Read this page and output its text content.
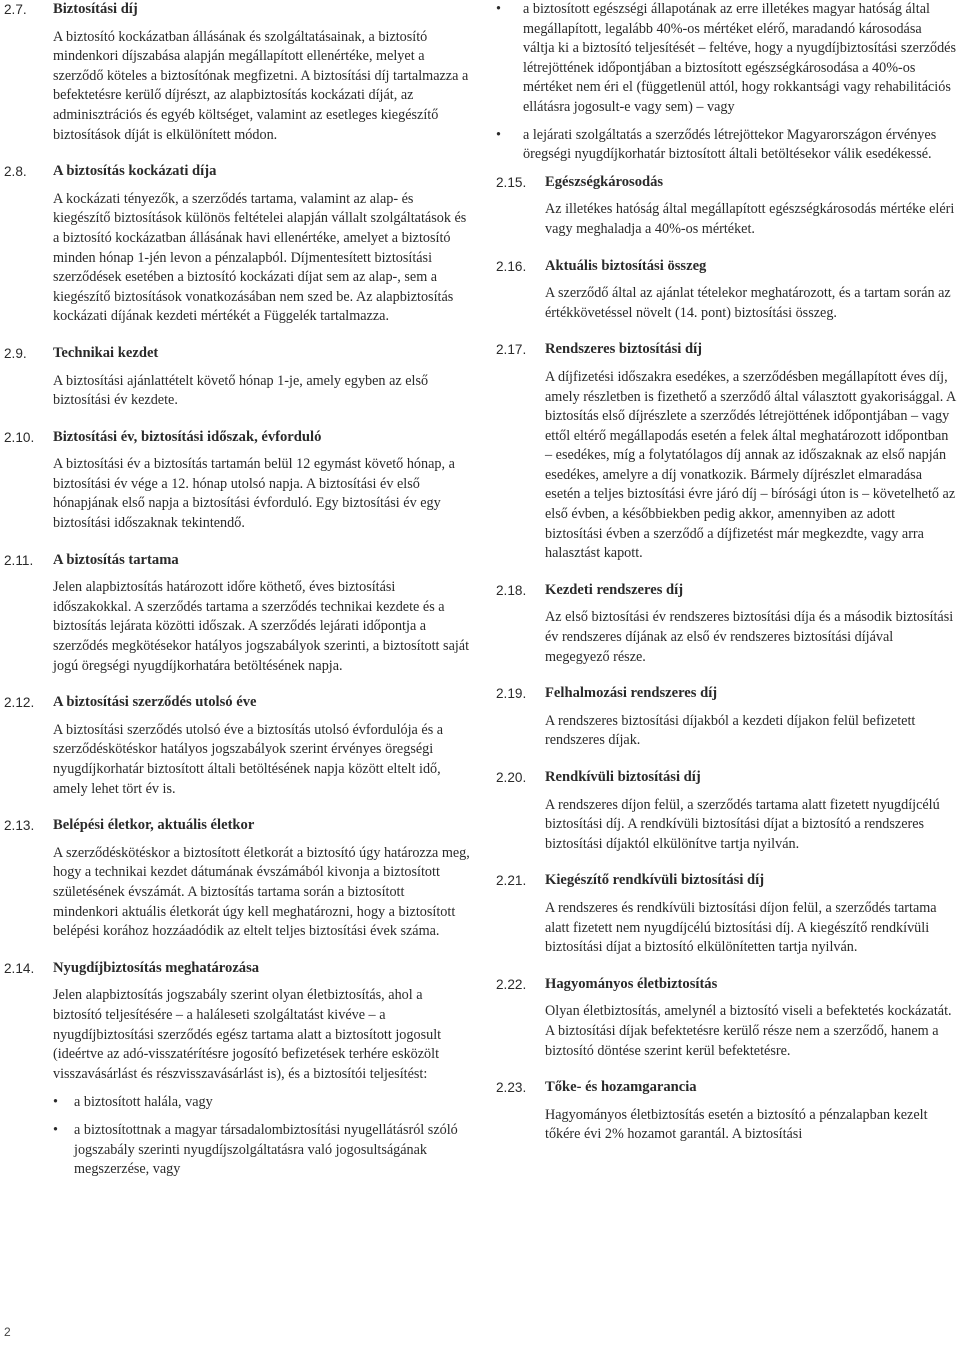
2.7. Biztosítási díj

A biztosító kockázatban állásának és szolgáltatásainak, a biztosító mindenkori díjszabása alapján megállapított ellenértéke, melyet a szerződő köteles a biztosítónak megfizetni. A biztosítási díj tartalmazza a befektetésre kerülő díjrészt, az alapbiztosítás kockázati díját, az adminisztrációs és egyéb költséget, valamint az esetleges kiegészítő biztosítások díját is elkülönített módon.

2.8. A biztosítás kockázati díja

A kockázati tényezők, a szerződés tartama, valamint az alap- és kiegészítő biztosítások különös feltételei alapján vállalt szolgáltatások és a biztosító kockázatban állásának havi ellenértéke, amelyet a biztosító minden hónap 1-jén levon a pénzalapból. Díjmentesített biztosítási szerződések esetében a biztosító kockázati díjat sem az alap-, sem a kiegészítő biztosítások vonatkozásában nem szed be. Az alapbiztosítás kockázati díjának kezdeti mértékét a Függelék tartalmazza.

2.9. Technikai kezdet

A biztosítási ajánlattételt követő hónap 1-je, amely egyben az első biztosítási év kezdete.

2.10. Biztosítási év, biztosítási időszak, évforduló

A biztosítási év a biztosítás tartamán belül 12 egymást követő hónap, a biztosítási év vége a 12. hónap utolsó napja. A biztosítási év első hónapjának első napja a biztosítási évforduló. Egy biztosítási év egy biztosítási időszaknak tekintendő.

2.11. A biztosítás tartama

Jelen alapbiztosítás határozott időre köthető, éves biztosítási időszakokkal. A szerződés tartama a szerződés technikai kezdete és a biztosítás lejárata közötti időszak. A szerződés lejárati időpontja a szerződés megkötésekor hatályos jogszabályok szerinti, a biztosított saját jogú öregségi nyugdíjkorhatára betöltésének napja.

2.12. A biztosítási szerződés utolsó éve

A biztosítási szerződés utolsó éve a biztosítás utolsó évfordulója és a szerződéskötéskor hatályos jogszabályok szerint érvényes öregségi nyugdíjkorhatár biztosított általi betöltésének napja között eltelt idő, amely lehet tört év is.

2.13. Belépési életkor, aktuális életkor

A szerződéskötéskor a biztosított életkorát a biztosító úgy határozza meg, hogy a technikai kezdet dátumának évszámából kivonja a biztosított születésének évszámát. A biztosítás tartama során a biztosított mindenkori aktuális életkorát úgy kell meghatározni, hogy a biztosított belépési korához hozzáadódik az eltelt teljes biztosítási évek száma.

2.14. Nyugdíjbiztosítás meghatározása

Jelen alapbiztosítás jogszabály szerint olyan életbiztosítás, ahol a biztosító teljesítésére – a haláleseti szolgáltatást kivéve – a nyugdíjbiztosítási szerződés egész tartama alatt a biztosított jogosult (ideértve az adó-visszatérítésre jogosító befizetések terhére esközölt visszavásárlást és részvisszavásárlást is), és a biztosítói teljesítést:

• a biztosított halála, vagy
• a biztosítottnak a magyar társadalombiztosítási nyugellátásról szóló jogszabály szerinti nyugdíjszolgáltatásra való jogosultságának megszerzése, vagy
• a biztosított egészségi állapotának az erre illetékes magyar hatóság által megállapított, legalább 40%-os mértéket elérő, maradandó károsodása váltja ki a biztosító teljesítését – feltéve, hogy a nyugdíjbiztosítási szerződés létrejöttének időpontjában a biztosított egészségkárosodása a 40%-os mértéket nem éri el (függetlenül attól, hogy rokkantsági vagy rehabilitációs ellátásra jogosult-e vagy sem) – vagy
• a lejárati szolgáltatás a szerződés létrejöttekor Magyarországon érvényes öregségi nyugdíjkorhatár biztosított általi betöltésekor válik esedékessé.
2.15. Egészségkárosodás

Az illetékes hatóság által megállapított egészségkárosodás mértéke eléri vagy meghaladja a 40%-os mértéket.

2.16. Aktuális biztosítási összeg

A szerződő által az ajánlat tételekor meghatározott, és a tartam során az értékkövetéssel növelt (14. pont) biztosítási összeg.

2.17. Rendszeres biztosítási díj

A díjfizetési időszakra esedékes, a szerződésben megállapított éves díj, amely részletben is fizethető a szerződő által választott gyakorisággal. A biztosítás első díjrészlete a szerződés létrejöttének időpontjában – vagy ettől eltérő megállapodás esetén a felek által meghatározott időpontban – esedékes, míg a folytatólagos díj annak az időszaknak az első napján esedékes, amelyre a díj vonatkozik. Bármely díjrészlet elmaradása esetén a teljes biztosítási évre járó díj – bírósági úton is – követelhető az első évben, a későbbiekben pedig akkor, amennyiben az adott biztosítási évben a szerződő a díjfizetést már megkezdte, vagy arra halasztást kapott.

2.18. Kezdeti rendszeres díj

Az első biztosítási év rendszeres biztosítási díja és a második biztosítási év rendszeres díjának az első év rendszeres biztosítási díjával megegyező része.

2.19. Felhalmozási rendszeres díj

A rendszeres biztosítási díjakból a kezdeti díjakon felül befizetett rendszeres díjak.

2.20. Rendkívüli biztosítási díj

A rendszeres díjon felül, a szerződés tartama alatt fizetett nyugdíjcélú biztosítási díj. A rendkívüli biztosítási díjat a biztosító a rendszeres biztosítási díjaktól elkülönítve tartja nyilván.

2.21. Kiegészítő rendkívüli biztosítási díj

A rendszeres és rendkívüli biztosítási díjon felül, a szerződés tartama alatt fizetett nem nyugdíjcélú biztosítási díj. A kiegészítő rendkívüli biztosítási díjat a biztosító elkülönítetten tartja nyilván.

2.22. Hagyományos életbiztosítás

Olyan életbiztosítás, amelynél a biztosító viseli a befektetés kockázatát. A biztosítási díjak befektetésre kerülő része nem a szerződő, hanem a biztosító döntése szerint kerül befektetésre.

2.23. Tőke- és hozamgarancia

Hagyományos életbiztosítás esetén a biztosító a pénzalapban kezelt tőkére évi 2% hozamot garantál. A biztosítási

2
